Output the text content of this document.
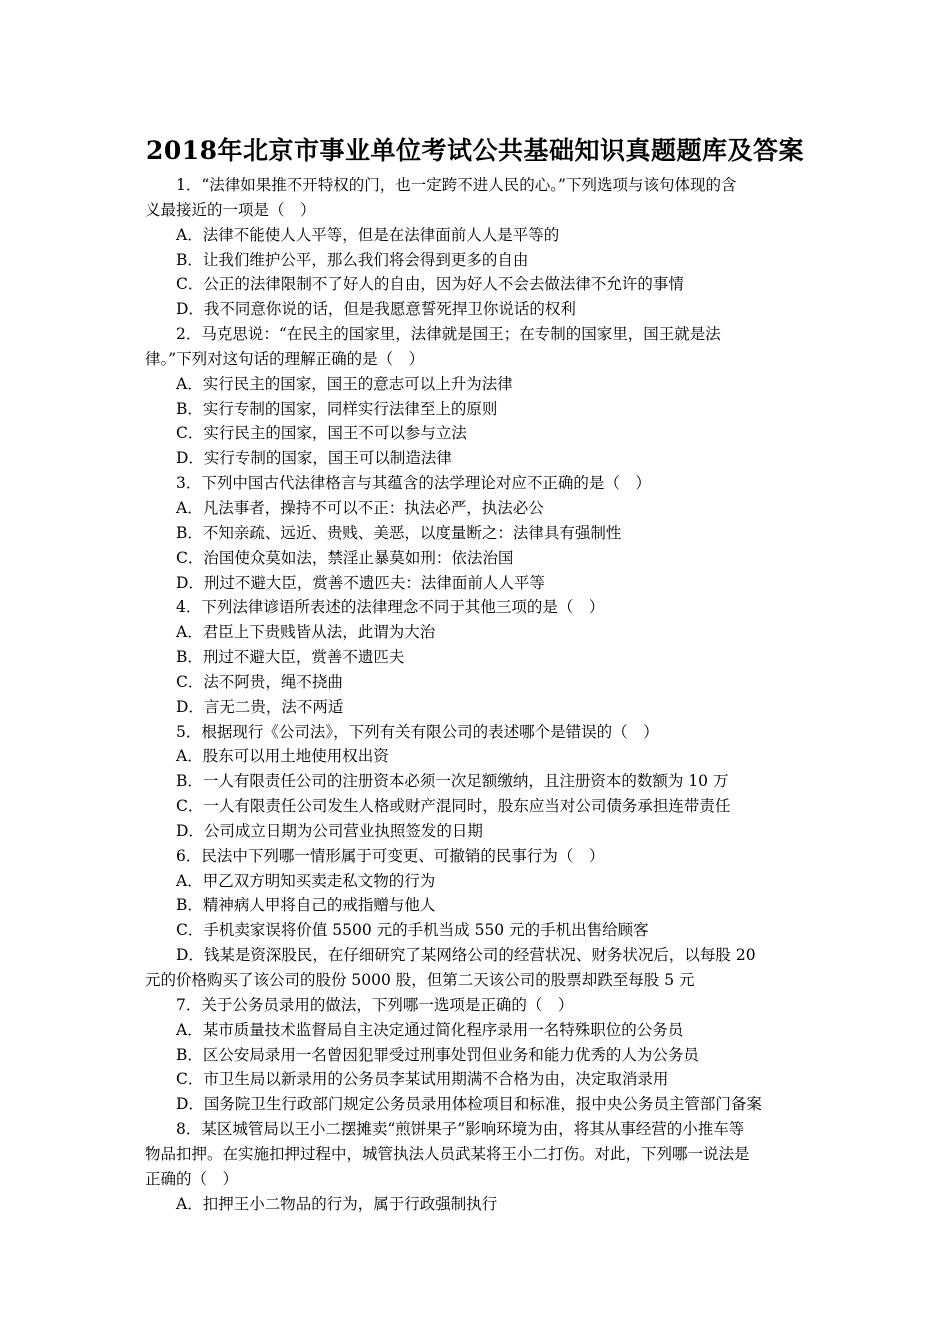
2018年北京市事业单位考试公共基础知识真题题库及答案
1．“法律如果推不开特权的门，也一定跨不进人民的心。”下列选项与该句体现的含
义最接近的一项是（　）
A．法律不能使人人平等，但是在法律面前人人是平等的
B．让我们维护公平，那么我们将会得到更多的自由
C．公正的法律限制不了好人的自由，因为好人不会去做法律不允许的事情
D．我不同意你说的话，但是我愿意誓死捍卫你说话的权利
2．马克思说：“在民主的国家里，法律就是国王；在专制的国家里，国王就是法
律。”下列对这句话的理解正确的是（　）
A．实行民主的国家，国王的意志可以上升为法律
B．实行专制的国家，同样实行法律至上的原则
C．实行民主的国家，国王不可以参与立法
D．实行专制的国家，国王可以制造法律
3．下列中国古代法律格言与其蕴含的法学理论对应不正确的是（　）
A．凡法事者，操持不可以不正：执法必严，执法必公
B．不知亲疏、远近、贵贱、美恶，以度量断之：法律具有强制性
C．治国使众莫如法，禁淫止暴莫如刑：依法治国
D．刑过不避大臣，赏善不遗匹夫：法律面前人人平等
4．下列法律谚语所表述的法律理念不同于其他三项的是（　）
A．君臣上下贵贱皆从法，此谓为大治
B．刑过不避大臣，赏善不遗匹夫
C．法不阿贵，绳不挠曲
D．言无二贵，法不两适
5．根据现行《公司法》，下列有关有限公司的表述哪个是错误的（　）
A．股东可以用土地使用权出资
B．一人有限责任公司的注册资本必须一次足额缴纳，且注册资本的数额为 10 万
C．一人有限责任公司发生人格或财产混同时，股东应当对公司债务承担连带责任
D．公司成立日期为公司营业执照签发的日期
6．民法中下列哪一情形属于可变更、可撤销的民事行为（　）
A．甲乙双方明知买卖走私文物的行为
B．精神病人甲将自己的戒指赠与他人
C．手机卖家误将价值 5500 元的手机当成 550 元的手机出售给顾客
D．钱某是资深股民，在仔细研究了某网络公司的经营状况、财务状况后，以每股 20
元的价格购买了该公司的股份 5000 股，但第二天该公司的股票却跌至每股 5 元
7．关于公务员录用的做法，下列哪一选项是正确的（　）
A．某市质量技术监督局自主决定通过简化程序录用一名特殊职位的公务员
B．区公安局录用一名曾因犯罪受过刑事处罚但业务和能力优秀的人为公务员
C．市卫生局以新录用的公务员李某试用期满不合格为由，决定取消录用
D．国务院卫生行政部门规定公务员录用体检项目和标准，报中央公务员主管部门备案
8．某区城管局以王小二摆摊卖“煎饼果子”影响环境为由，将其从事经营的小推车等
物品扣押。在实施扣押过程中，城管执法人员武某将王小二打伤。对此，下列哪一说法是
正确的（　）
A．扣押王小二物品的行为，属于行政强制执行
